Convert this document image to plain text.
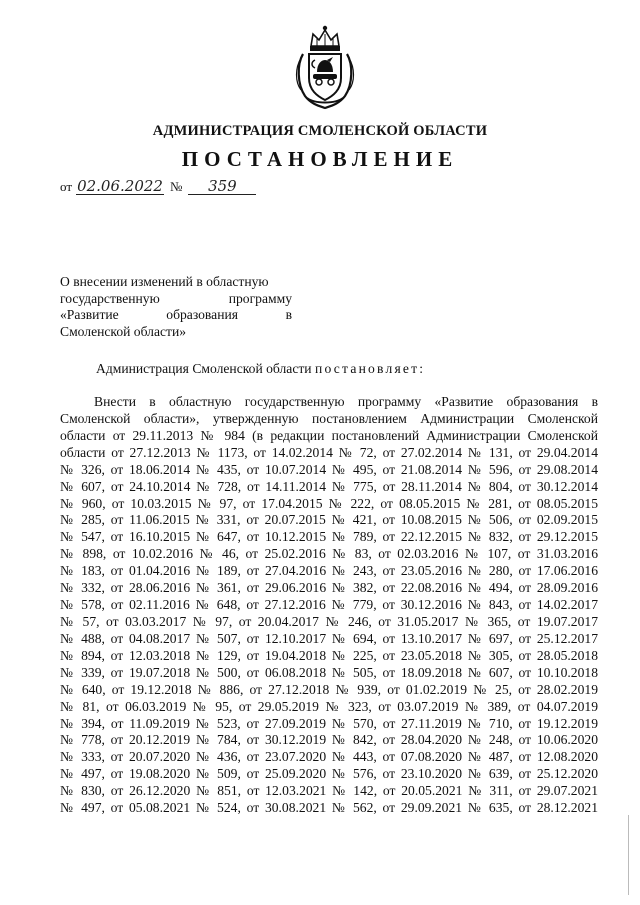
АДМИНИСТРАЦИЯ СМОЛЕНСКОЙ ОБЛАСТИ
ПОСТАНОВЛЕНИЕ
от 02.06.2022 № 359
О внесении изменений в областную
государственную программу
«Развитие образования в
Смоленской области»
Администрация Смоленской области постановляет:
Внести в областную государственную программу «Развитие образования в
Смоленской области», утвержденную постановлением Администрации Смоленской
области от 29.11.2013 № 984 (в редакции постановлений Администрации Смоленской
области от 27.12.2013 № 1173, от 14.02.2014 № 72, от 27.02.2014 № 131, от 29.04.2014
№ 326, от 18.06.2014 № 435, от 10.07.2014 № 495, от 21.08.2014 № 596, от 29.08.2014
№ 607, от 24.10.2014 № 728, от 14.11.2014 № 775, от 28.11.2014 № 804, от 30.12.2014
№ 960, от 10.03.2015 № 97, от 17.04.2015 № 222, от 08.05.2015 № 281, от 08.05.2015
№ 285, от 11.06.2015 № 331, от 20.07.2015 № 421, от 10.08.2015 № 506, от 02.09.2015
№ 547, от 16.10.2015 № 647, от 10.12.2015 № 789, от 22.12.2015 № 832, от 29.12.2015
№ 898, от 10.02.2016 № 46, от 25.02.2016 № 83, от 02.03.2016 № 107, от 31.03.2016
№ 183, от 01.04.2016 № 189, от 27.04.2016 № 243, от 23.05.2016 № 280, от 17.06.2016
№ 332, от 28.06.2016 № 361, от 29.06.2016 № 382, от 22.08.2016 № 494, от 28.09.2016
№ 578, от 02.11.2016 № 648, от 27.12.2016 № 779, от 30.12.2016 № 843, от 14.02.2017
№ 57, от 03.03.2017 № 97, от 20.04.2017 № 246, от 31.05.2017 № 365, от 19.07.2017
№ 488, от 04.08.2017 № 507, от 12.10.2017 № 694, от 13.10.2017 № 697, от 25.12.2017
№ 894, от 12.03.2018 № 129, от 19.04.2018 № 225, от 23.05.2018 № 305, от 28.05.2018
№ 339, от 19.07.2018 № 500, от 06.08.2018 № 505, от 18.09.2018 № 607, от 10.10.2018
№ 640, от 19.12.2018 № 886, от 27.12.2018 № 939, от 01.02.2019 № 25, от 28.02.2019
№ 81, от 06.03.2019 № 95, от 29.05.2019 № 323, от 03.07.2019 № 389, от 04.07.2019
№ 394, от 11.09.2019 № 523, от 27.09.2019 № 570, от 27.11.2019 № 710, от 19.12.2019
№ 778, от 20.12.2019 № 784, от 30.12.2019 № 842, от 28.04.2020 № 248, от 10.06.2020
№ 333, от 20.07.2020 № 436, от 23.07.2020 № 443, от 07.08.2020 № 487, от 12.08.2020
№ 497, от 19.08.2020 № 509, от 25.09.2020 № 576, от 23.10.2020 № 639, от 25.12.2020
№ 830, от 26.12.2020 № 851, от 12.03.2021 № 142, от 20.05.2021 № 311, от 29.07.2021
№ 497, от 05.08.2021 № 524, от 30.08.2021 № 562, от 29.09.2021 № 635, от 28.12.2021
